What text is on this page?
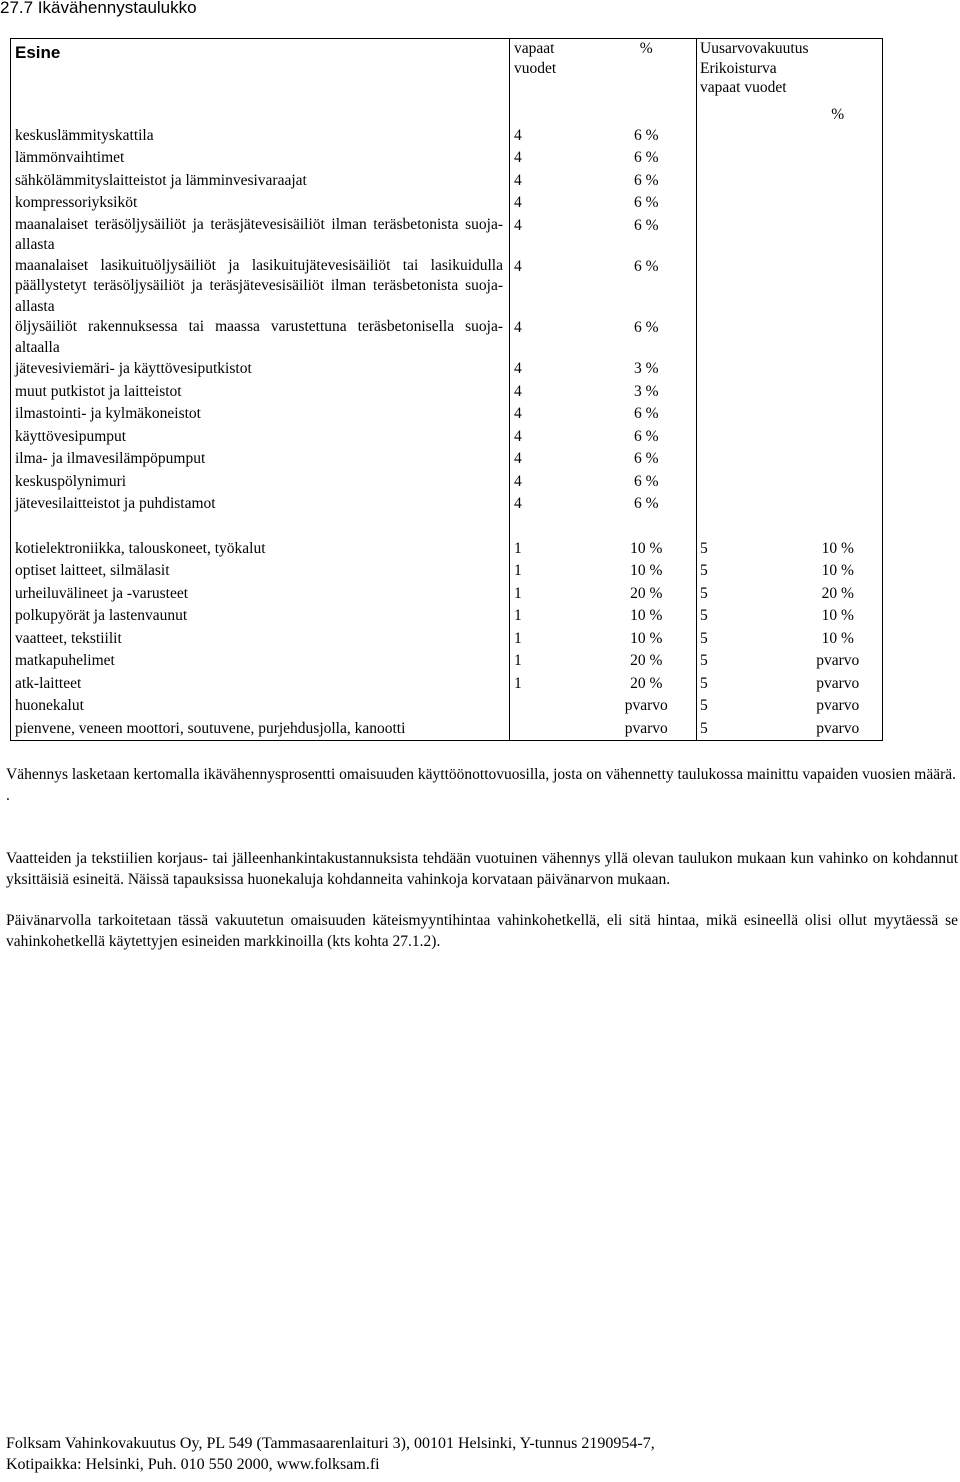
27.7 Ikävähennystaulukko
Esine	vapaat vuodet	%	Uusarvovakuutus
Erikoisturva
vapaat vuodet	%
keskuslämmityskattila	4	6 %		
lämmönvaihtimet	4	6 %		
sähkölämmityslaitteistot ja lämminvesivaraajat	4	6 %		
kompressoriyksiköt	4	6 %		
maanalaiset teräsöljysäiliöt ja teräsjätevesisäiliöt ilman teräsbetonista suoja-allasta	4	6 %		
maanalaiset lasikuituöljysäiliöt ja lasikuitujätevesisäiliöt tai lasikuidulla päällystetyt teräsöljysäiliöt ja teräsjätevesisäiliöt ilman teräsbetonista suoja-allasta	4	6 %		
öljysäiliöt rakennuksessa tai maassa varustettuna teräsbetonisella suoja-altaalla	4	6 %		
jätevesiviemäri- ja käyttövesiputkistot	4	3 %		
muut putkistot ja laitteistot	4	3 %		
ilmastointi- ja kylmäkoneistot	4	6 %		
käyttövesipumput	4	6 %		
ilma- ja ilmavesilämpöpumput	4	6 %		
keskuspölynimuri	4	6 %		
jätevesilaitteistot ja puhdistamot	4	6 %		

kotielektroniikka, talouskoneet, työkalut	1	10 %	5	10 %
optiset laitteet, silmälasit	1	10 %	5	10 %
urheiluvälineet ja -varusteet	1	20 %	5	20 %
polkupyörät ja lastenvaunut	1	10 %	5	10 %
vaatteet, tekstiilit	1	10 %	5	10 %
matkapuhelimet	1	20 %	5	pvarvo
atk-laitteet	1	20 %	5	pvarvo
huonekalut		pvarvo	5	pvarvo
pienvene, veneen moottori, soutuvene, purjehdusjolla, kanootti		pvarvo	5	pvarvo

Vähennys lasketaan kertomalla ikävähennysprosentti omaisuuden käyttöönottovuosilla, josta on vähennetty taulukossa mainittu vapaiden vuosien määrä.
.

Vaatteiden ja tekstiilien korjaus- tai jälleenhankintakustannuksista tehdään vuotuinen vähennys yllä olevan taulukon mukaan kun vahinko on kohdannut yksittäisiä esineitä. Näissä tapauksissa huonekaluja kohdanneita vahinkoja korvataan päivänarvon mukaan.

Päivänarvolla tarkoitetaan tässä vakuutetun omaisuuden käteismyyntihintaa vahinkohetkellä, eli sitä hintaa, mikä esineellä olisi ollut myytäessä se vahinkohetkellä käytettyjen esineiden markkinoilla (kts kohta 27.1.2).

Folksam Vahinkovakuutus Oy, PL 549 (Tammasaarenlaituri 3), 00101 Helsinki, Y-tunnus 2190954-7,
Kotipaikka: Helsinki, Puh. 010 550 2000, www.folksam.fi
